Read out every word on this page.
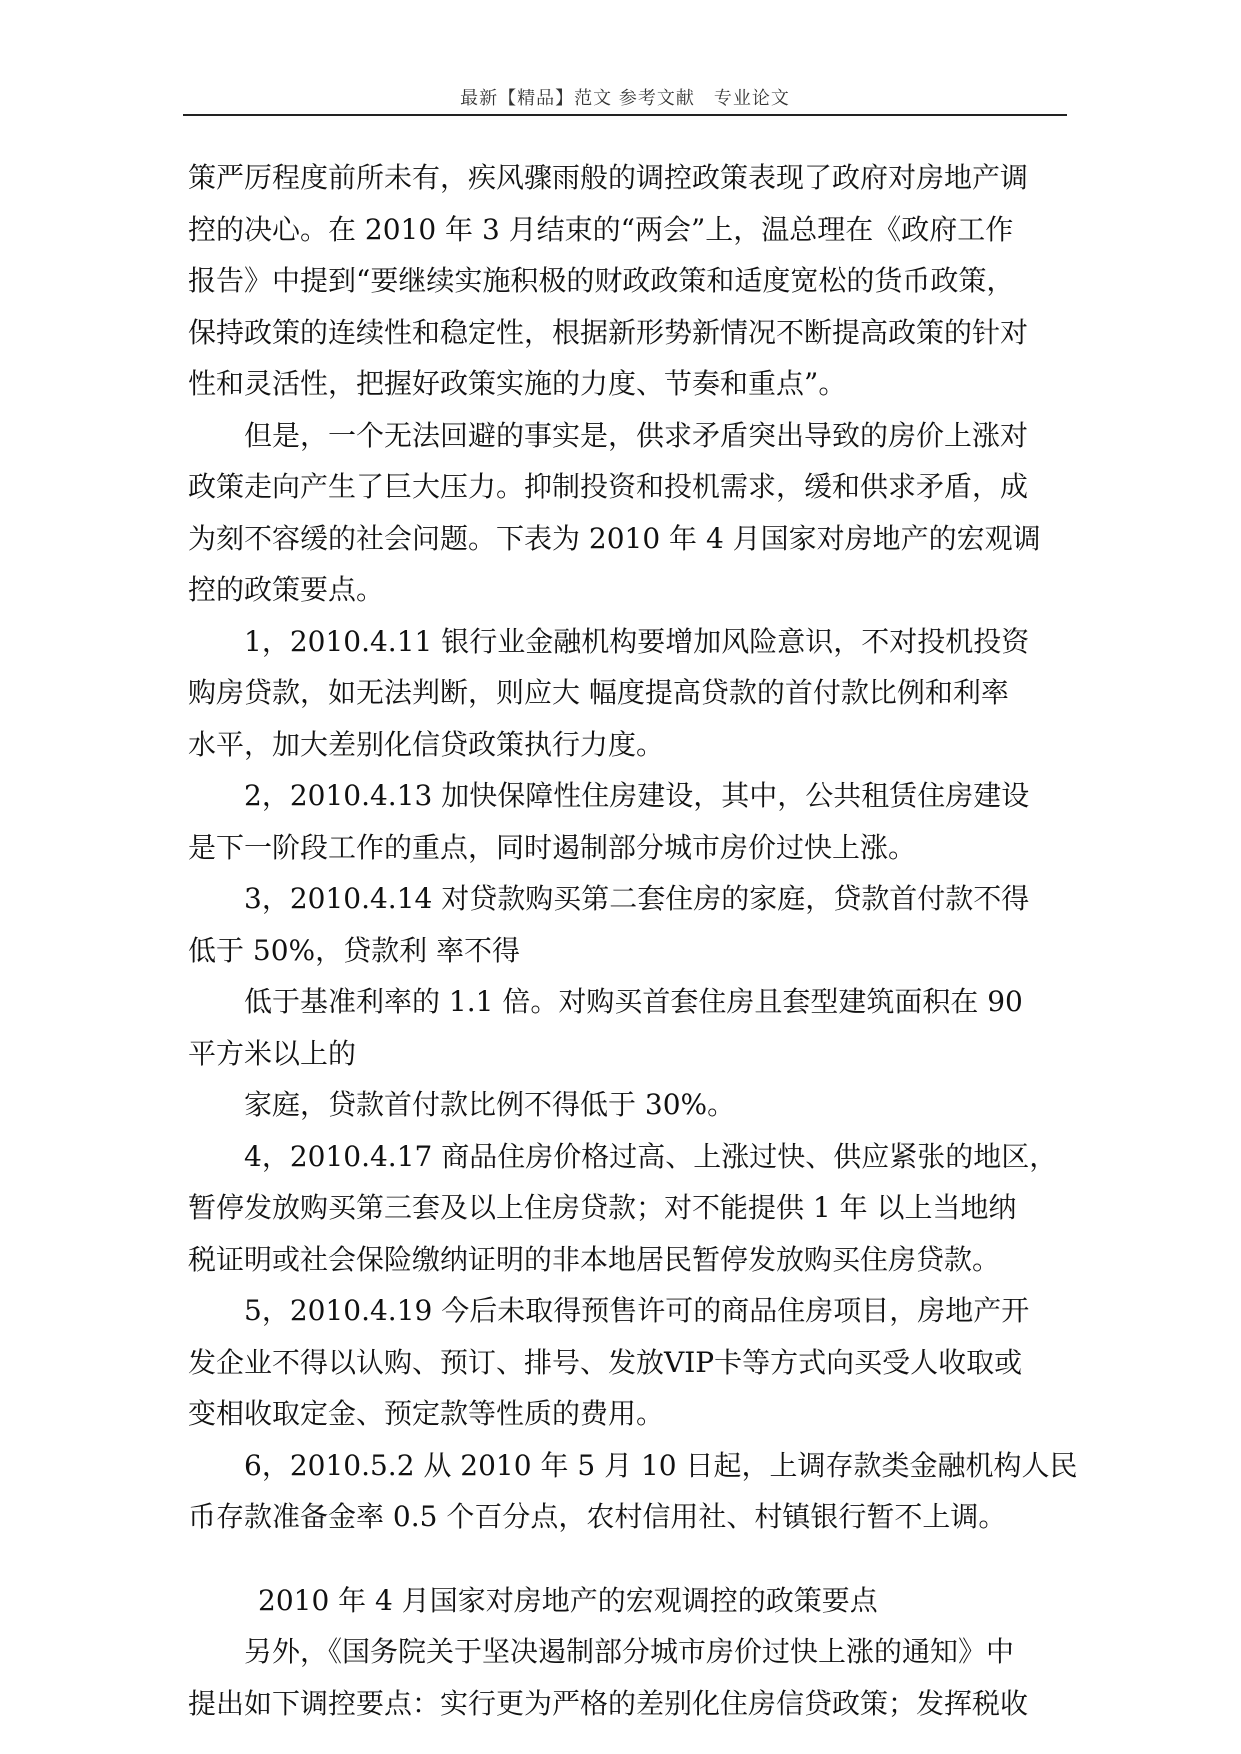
最新【精品】范文 参考文献　专业论文
策严厉程度前所未有，疾风骤雨般的调控政策表现了政府对房地产调
控的决心。在 2010 年 3 月结束的“两会”上，温总理在《政府工作
报告》中提到“要继续实施积极的财政政策和适度宽松的货币政策，
保持政策的连续性和稳定性，根据新形势新情况不断提高政策的针对
性和灵活性，把握好政策实施的力度、节奏和重点”。
但是，一个无法回避的事实是，供求矛盾突出导致的房价上涨对
政策走向产生了巨大压力。抑制投资和投机需求，缓和供求矛盾，成
为刻不容缓的社会问题。下表为 2010 年 4 月国家对房地产的宏观调
控的政策要点。
1，2010.4.11 银行业金融机构要增加风险意识，不对投机投资
购房贷款，如无法判断，则应大 幅度提高贷款的首付款比例和利率
水平，加大差别化信贷政策执行力度。
2，2010.4.13 加快保障性住房建设，其中，公共租赁住房建设
是下一阶段工作的重点，同时遏制部分城市房价过快上涨。
3，2010.4.14 对贷款购买第二套住房的家庭，贷款首付款不得
低于 50%，贷款利 率不得
低于基准利率的 1.1 倍。对购买首套住房且套型建筑面积在 90
平方米以上的
家庭，贷款首付款比例不得低于 30%。
4，2010.4.17 商品住房价格过高、上涨过快、供应紧张的地区，
暂停发放购买第三套及以上住房贷款；对不能提供 1 年 以上当地纳
税证明或社会保险缴纳证明的非本地居民暂停发放购买住房贷款。
5，2010.4.19 今后未取得预售许可的商品住房项目，房地产开
发企业不得以认购、预订、排号、发放VIP卡等方式向买受人收取或
变相收取定金、预定款等性质的费用。
6，2010.5.2 从 2010 年 5 月 10 日起，上调存款类金融机构人民
币存款准备金率 0.5 个百分点，农村信用社、村镇银行暂不上调。
2010 年 4 月国家对房地产的宏观调控的政策要点
另外，《国务院关于坚决遏制部分城市房价过快上涨的通知》中
提出如下调控要点：实行更为严格的差别化住房信贷政策；发挥税收
